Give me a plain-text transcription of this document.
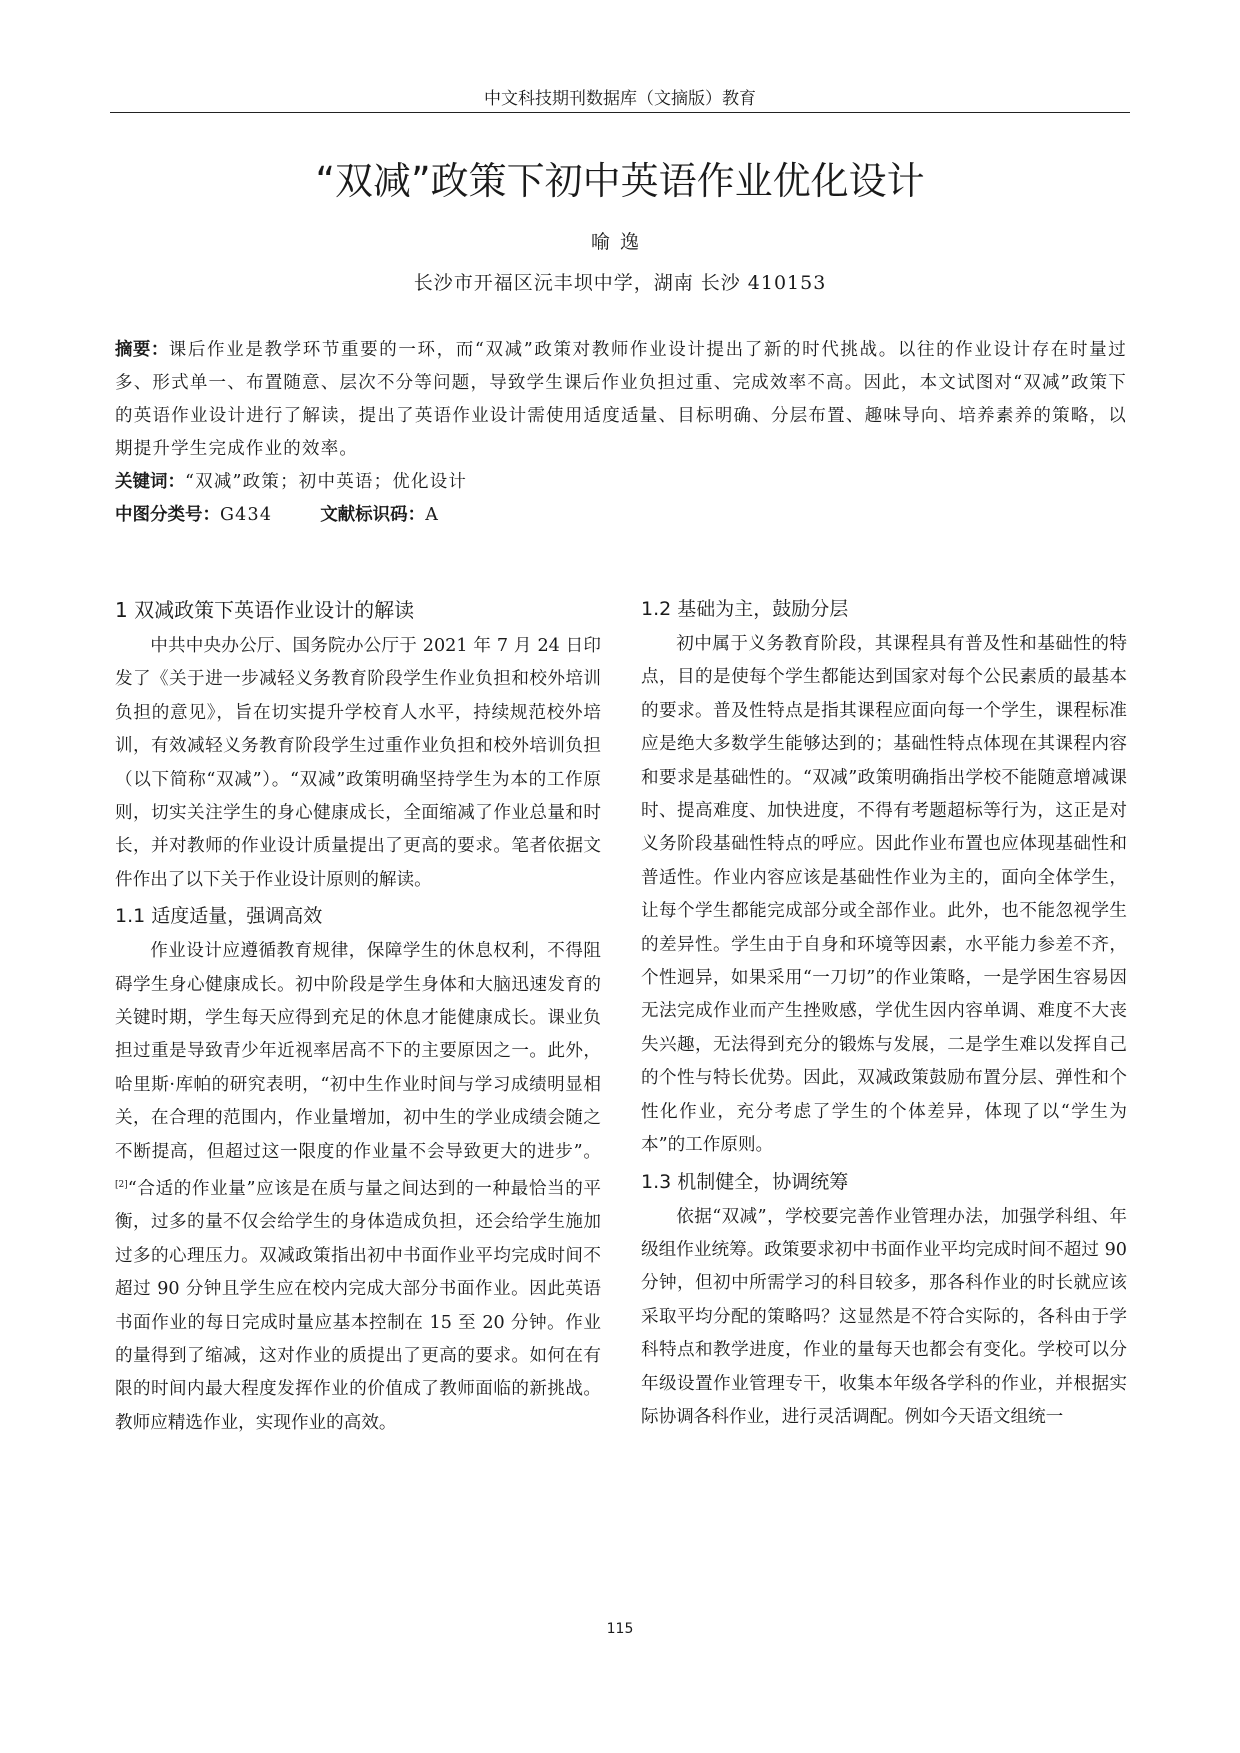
中文科技期刊数据库（文摘版）教育
“双减”政策下初中英语作业优化设计
喻逸
长沙市开福区沅丰坝中学，湖南 长沙 410153

摘要：课后作业是教学环节重要的一环，而“双减”政策对教师作业设计提出了新的时代挑战。以往的作业设计存在时量过多、形式单一、布置随意、层次不分等问题，导致学生课后作业负担过重、完成效率不高。因此，本文试图对“双减”政策下的英语作业设计进行了解读，提出了英语作业设计需使用适度适量、目标明确、分层布置、趣味导向、培养素养的策略，以期提升学生完成作业的效率。

关键词：“双减”政策；初中英语；优化设计

中图分类号：G434	文献标识码：A

1 双减政策下英语作业设计的解读

中共中央办公厅、国务院办公厅于 2021 年 7 月 24 日印发了《关于进一步减轻义务教育阶段学生作业负担和校外培训负担的意见》，旨在切实提升学校育人水平，持续规范校外培训，有效减轻义务教育阶段学生过重作业负担和校外培训负担（以下简称“双减”）。“双减”政策明确坚持学生为本的工作原则，切实关注学生的身心健康成长，全面缩减了作业总量和时长，并对教师的作业设计质量提出了更高的要求。笔者依据文件作出了以下关于作业设计原则的解读。

1.1 适度适量，强调高效

作业设计应遵循教育规律，保障学生的休息权利，不得阻碍学生身心健康成长。初中阶段是学生身体和大脑迅速发育的关键时期，学生每天应得到充足的休息才能健康成长。课业负担过重是导致青少年近视率居高不下的主要原因之一。此外，哈里斯·库帕的研究表明，“初中生作业时间与学习成绩明显相关，在合理的范围内，作业量增加，初中生的学业成绩会随之不断提高，但超过这一限度的作业量不会导致更大的进步”。[2]“合适的作业量”应该是在质与量之间达到的一种最恰当的平衡，过多的量不仅会给学生的身体造成负担，还会给学生施加过多的心理压力。双减政策指出初中书面作业平均完成时间不超过 90 分钟且学生应在校内完成大部分书面作业。因此英语书面作业的每日完成时量应基本控制在 15 至 20 分钟。作业的量得到了缩减，这对作业的质提出了更高的要求。如何在有限的时间内最大程度发挥作业的价值成了教师面临的新挑战。教师应精选作业，实现作业的高效。

1.2 基础为主，鼓励分层

初中属于义务教育阶段，其课程具有普及性和基础性的特点，目的是使每个学生都能达到国家对每个公民素质的最基本的要求。普及性特点是指其课程应面向每一个学生，课程标准应是绝大多数学生能够达到的；基础性特点体现在其课程内容和要求是基础性的。“双减”政策明确指出学校不能随意增减课时、提高难度、加快进度，不得有考题超标等行为，这正是对义务阶段基础性特点的呼应。因此作业布置也应体现基础性和普适性。作业内容应该是基础性作业为主的，面向全体学生，让每个学生都能完成部分或全部作业。此外，也不能忽视学生的差异性。学生由于自身和环境等因素，水平能力参差不齐，个性迥异，如果采用“一刀切”的作业策略，一是学困生容易因无法完成作业而产生挫败感，学优生因内容单调、难度不大丧失兴趣，无法得到充分的锻炼与发展，二是学生难以发挥自己的个性与特长优势。因此，双减政策鼓励布置分层、弹性和个性化作业，充分考虑了学生的个体差异，体现了以“学生为本”的工作原则。

1.3 机制健全，协调统筹

依据“双减”，学校要完善作业管理办法，加强学科组、年级组作业统筹。政策要求初中书面作业平均完成时间不超过 90 分钟，但初中所需学习的科目较多，那各科作业的时长就应该采取平均分配的策略吗？这显然是不符合实际的，各科由于学科特点和教学进度，作业的量每天也都会有变化。学校可以分年级设置作业管理专干，收集本年级各学科的作业，并根据实际协调各科作业，进行灵活调配。例如今天语文组统一

115
